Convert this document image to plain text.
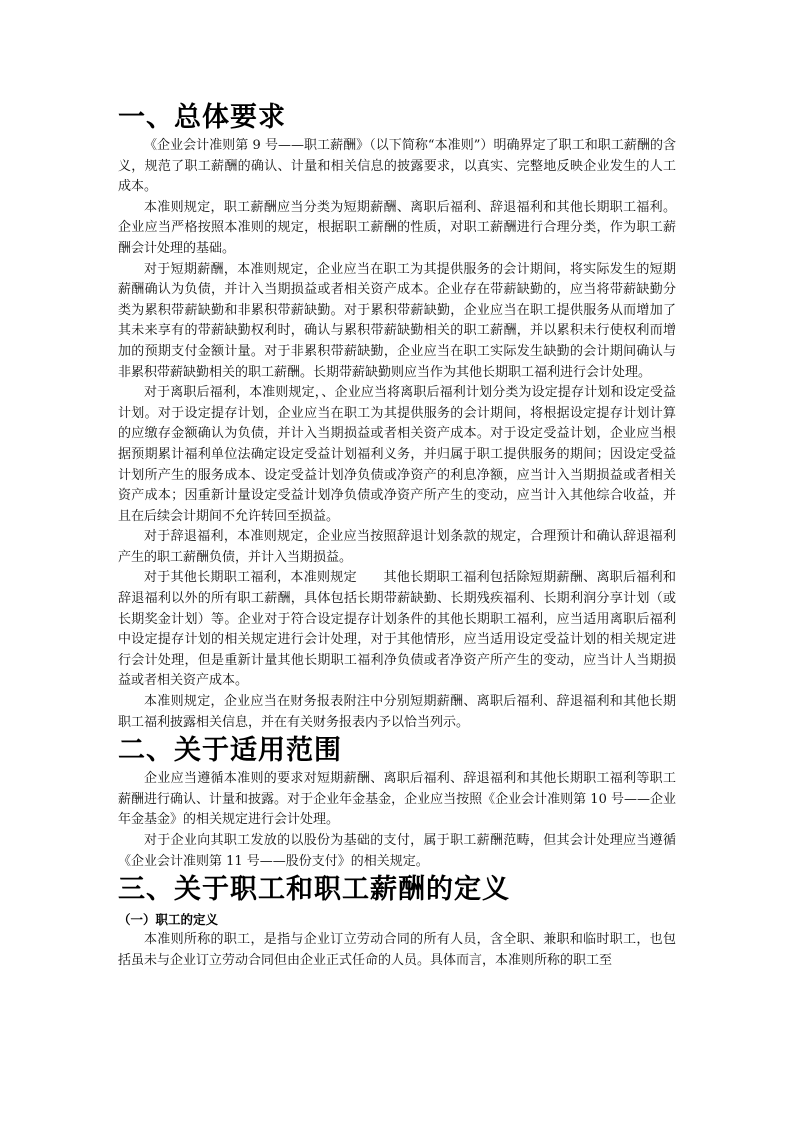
一、总体要求

《企业会计准则第 9 号——职工薪酬》（以下简称“本准则”）明确界定了职工和职工薪酬的含义，规范了职工薪酬的确认、计量和相关信息的披露要求，以真实、完整地反映企业发生的人工成本。

本准则规定，职工薪酬应当分类为短期薪酬、离职后福利、辞退福利和其他长期职工福利。企业应当严格按照本准则的规定，根据职工薪酬的性质，对职工薪酬进行合理分类，作为职工薪酬会计处理的基础。

对于短期薪酬，本准则规定，企业应当在职工为其提供服务的会计期间，将实际发生的短期薪酬确认为负债，并计入当期损益或者相关资产成本。企业存在带薪缺勤的，应当将带薪缺勤分类为累积带薪缺勤和非累积带薪缺勤。对于累积带薪缺勤，企业应当在职工提供服务从而增加了其未来享有的带薪缺勤权利时，确认与累积带薪缺勤相关的职工薪酬，并以累积未行使权利而增加的预期支付金额计量。对于非累积带薪缺勤，企业应当在职工实际发生缺勤的会计期间确认与非累积带薪缺勤相关的职工薪酬。长期带薪缺勤则应当作为其他长期职工福利进行会计处理。

对于离职后福利，本准则规定，、企业应当将离职后福利计划分类为设定提存计划和设定受益计划。对于设定提存计划，企业应当在职工为其提供服务的会计期间，将根据设定提存计划计算的应缴存金额确认为负债，并计入当期损益或者相关资产成本。对于设定受益计划，企业应当根据预期累计福利单位法确定设定受益计划福利义务，并归属于职工提供服务的期间；因设定受益计划所产生的服务成本、设定受益计划净负债或净资产的利息净额，应当计入当期损益或者相关资产成本；因重新计量设定受益计划净负债或净资产所产生的变动，应当计入其他综合收益，并且在后续会计期间不允许转回至损益。

对于辞退福利，本准则规定，企业应当按照辞退计划条款的规定，合理预计和确认辞退福利产生的职工薪酬负债，并计入当期损益。

对于其他长期职工福利，本准则规定　　其他长期职工福利包括除短期薪酬、离职后福利和辞退福利以外的所有职工薪酬，具体包括长期带薪缺勤、长期残疾福利、长期利润分享计划（或长期奖金计划）等。企业对于符合设定提存计划条件的其他长期职工福利，应当适用离职后福利中设定提存计划的相关规定进行会计处理，对于其他情形，应当适用设定受益计划的相关规定进行会计处理，但是重新计量其他长期职工福利净负债或者净资产所产生的变动，应当计人当期损益或者相关资产成本。

本准则规定，企业应当在财务报表附注中分别短期薪酬、离职后福利、辞退福利和其他长期职工福利披露相关信息，并在有关财务报表内予以恰当列示。

二、关于适用范围

企业应当遵循本准则的要求对短期薪酬、离职后福利、辞退福利和其他长期职工福利等职工薪酬进行确认、计量和披露。对于企业年金基金，企业应当按照《企业会计准则第 10 号——企业年金基金》的相关规定进行会计处理。

对于企业向其职工发放的以股份为基础的支付，属于职工薪酬范畴，但其会计处理应当遵循《企业会计准则第 11 号——股份支付》的相关规定。

三、关于职工和职工薪酬的定义
（一）职工的定义

本准则所称的职工，是指与企业订立劳动合同的所有人员，含全职、兼职和临时职工，也包括虽未与企业订立劳动合同但由企业正式任命的人员。具体而言，本准则所称的职工至
